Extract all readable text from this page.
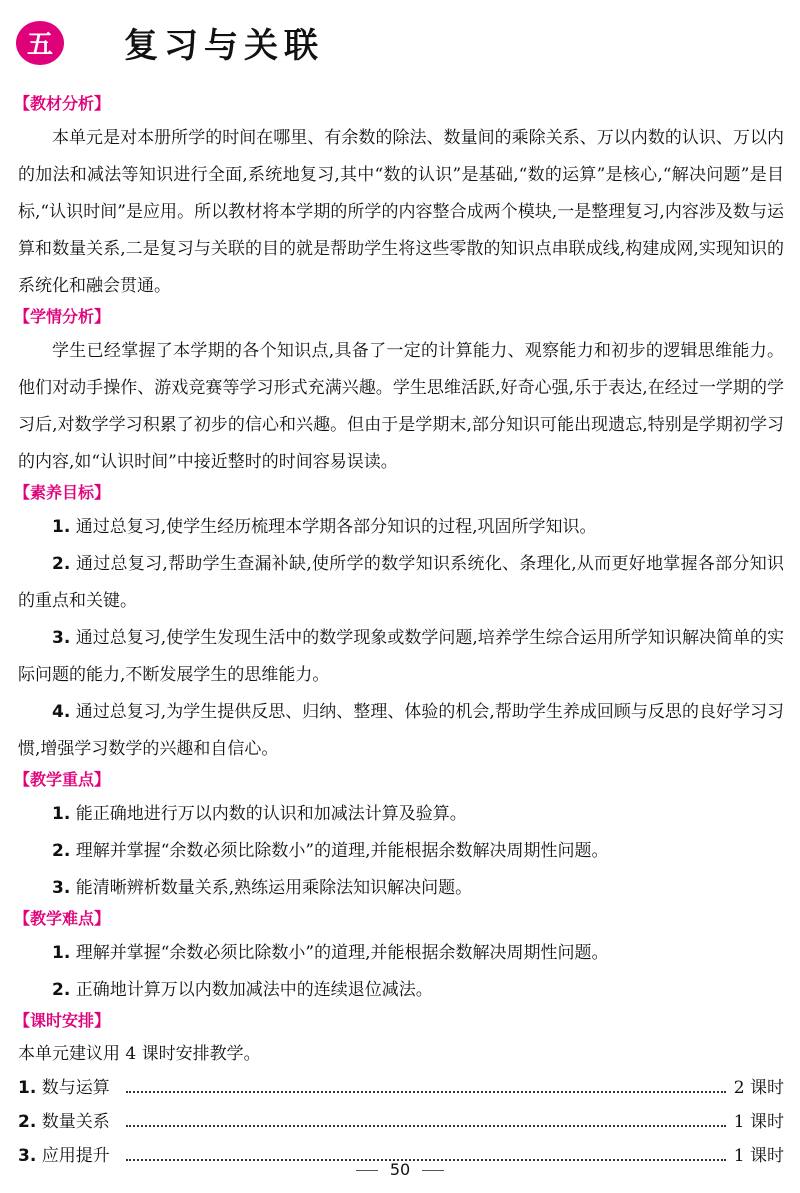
五	复习与关联
【教材分析】

本单元是对本册所学的时间在哪里、有余数的除法、数量间的乘除关系、万以内数的认识、万以内的加法和减法等知识进行全面,系统地复习,其中“数的认识”是基础,“数的运算”是核心,“解决问题”是目标,“认识时间”是应用。所以教材将本学期的所学的内容整合成两个模块,一是整理复习,内容涉及数与运算和数量关系,二是复习与关联的目的就是帮助学生将这些零散的知识点串联成线,构建成网,实现知识的系统化和融会贯通。

【学情分析】

学生已经掌握了本学期的各个知识点,具备了一定的计算能力、观察能力和初步的逻辑思维能力。他们对动手操作、游戏竞赛等学习形式充满兴趣。学生思维活跃,好奇心强,乐于表达,在经过一学期的学习后,对数学学习积累了初步的信心和兴趣。但由于是学期末,部分知识可能出现遗忘,特别是学期初学习的内容,如“认识时间”中接近整时的时间容易误读。

【素养目标】

1. 通过总复习,使学生经历梳理本学期各部分知识的过程,巩固所学知识。

2. 通过总复习,帮助学生查漏补缺,使所学的数学知识系统化、条理化,从而更好地掌握各部分知识的重点和关键。

3. 通过总复习,使学生发现生活中的数学现象或数学问题,培养学生综合运用所学知识解决简单的实际问题的能力,不断发展学生的思维能力。

4. 通过总复习,为学生提供反思、归纳、整理、体验的机会,帮助学生养成回顾与反思的良好学习习惯,增强学习数学的兴趣和自信心。

【教学重点】

1. 能正确地进行万以内数的认识和加减法计算及验算。

2. 理解并掌握“余数必须比除数小”的道理,并能根据余数解决周期性问题。

3. 能清晰辨析数量关系,熟练运用乘除法知识解决问题。

【教学难点】

1. 理解并掌握“余数必须比除数小”的道理,并能根据余数解决周期性问题。

2. 正确地计算万以内数加减法中的连续退位减法。

【课时安排】

本单元建议用 4 课时安排教学。

1. 数与运算	2 课时
2. 数量关系	1 课时
3. 应用提升	1 课时
50
